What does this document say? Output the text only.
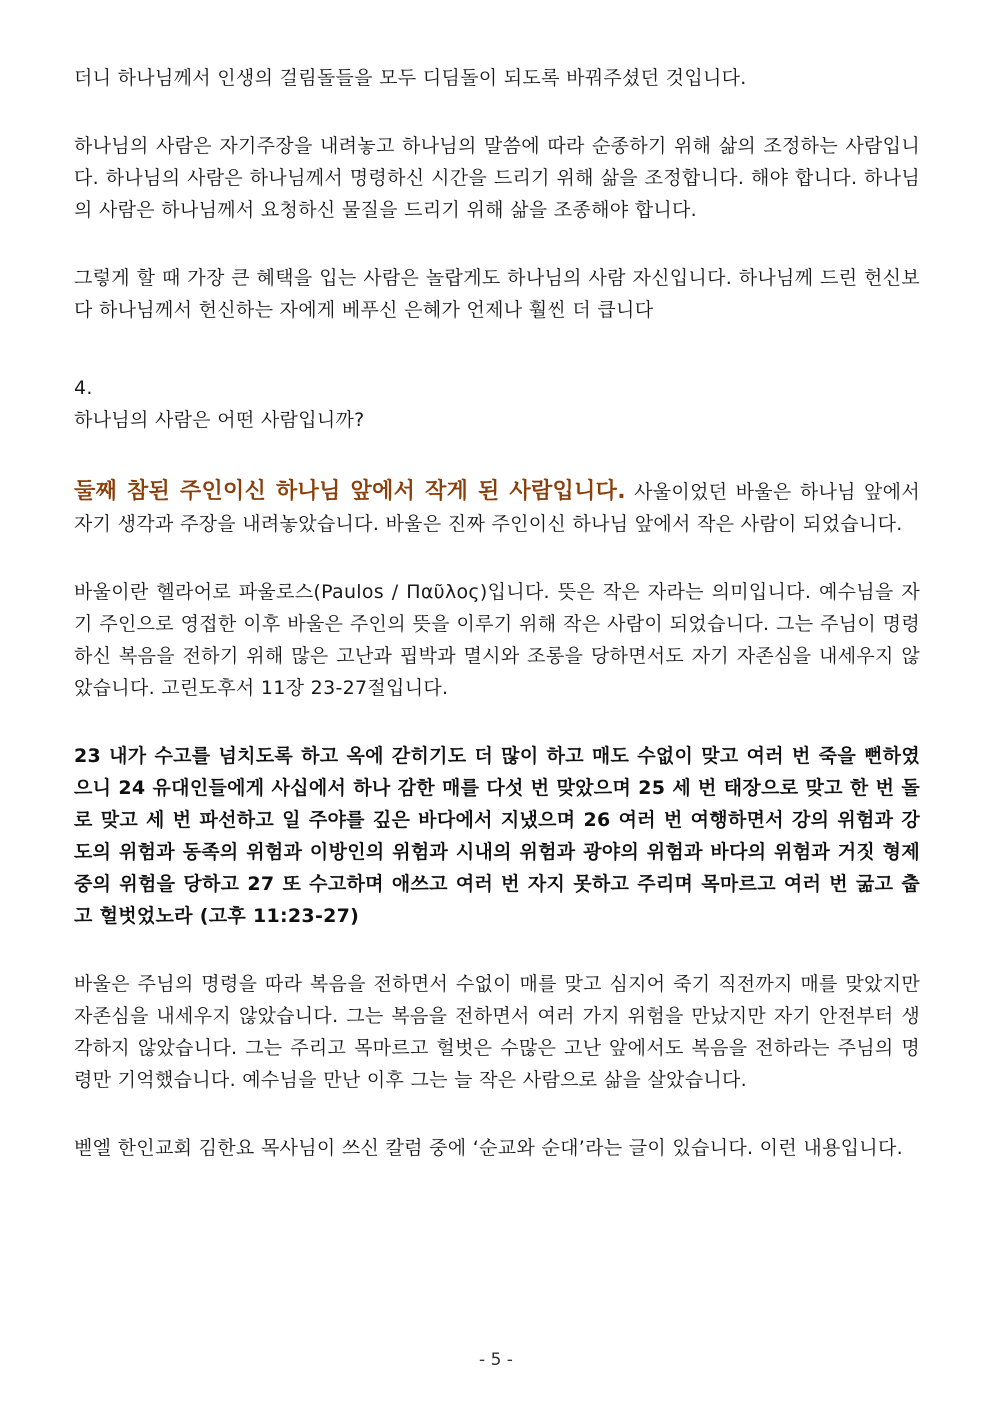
더니 하나님께서 인생의 걸림돌들을 모두 디딤돌이 되도록 바꿔주셨던 것입니다.

하나님의 사람은 자기주장을 내려놓고 하나님의 말씀에 따라 순종하기 위해 삶의 조정하는 사람입니다. 하나님의 사람은 하나님께서 명령하신 시간을 드리기 위해 삶을 조정합니다. 해야 합니다. 하나님의 사람은 하나님께서 요청하신 물질을 드리기 위해 삶을 조종해야 합니다.

그렇게 할 때 가장 큰 혜택을 입는 사람은 놀랍게도 하나님의 사람 자신입니다. 하나님께 드린 헌신보다 하나님께서 헌신하는 자에게 베푸신 은혜가 언제나 훨씬 더 큽니다

4.

하나님의 사람은 어떤 사람입니까?

둘째 참된 주인이신 하나님 앞에서 작게 된 사람입니다. 사울이었던 바울은 하나님 앞에서 자기 생각과 주장을 내려놓았습니다. 바울은 진짜 주인이신 하나님 앞에서 작은 사람이 되었습니다.

바울이란 헬라어로 파울로스(Paulos / Παῦλος)입니다. 뜻은 작은 자라는 의미입니다. 예수님을 자기 주인으로 영접한 이후 바울은 주인의 뜻을 이루기 위해 작은 사람이 되었습니다. 그는 주님이 명령하신 복음을 전하기 위해 많은 고난과 핍박과 멸시와 조롱을 당하면서도 자기 자존심을 내세우지 않았습니다. 고린도후서 11장 23-27절입니다.

23 내가 수고를 넘치도록 하고 옥에 갇히기도 더 많이 하고 매도 수없이 맞고 여러 번 죽을 뻔하였으니 24 유대인들에게 사십에서 하나 감한 매를 다섯 번 맞았으며 25 세 번 태장으로 맞고 한 번 돌로 맞고 세 번 파선하고 일 주야를 깊은 바다에서 지냈으며 26 여러 번 여행하면서 강의 위험과 강도의 위험과 동족의 위험과 이방인의 위험과 시내의 위험과 광야의 위험과 바다의 위험과 거짓 형제 중의 위험을 당하고 27 또 수고하며 애쓰고 여러 번 자지 못하고 주리며 목마르고 여러 번 굶고 춥고 헐벗었노라 (고후 11:23-27)

바울은 주님의 명령을 따라 복음을 전하면서 수없이 매를 맞고 심지어 죽기 직전까지 매를 맞았지만 자존심을 내세우지 않았습니다. 그는 복음을 전하면서 여러 가지 위험을 만났지만 자기 안전부터 생각하지 않았습니다. 그는 주리고 목마르고 헐벗은 수많은 고난 앞에서도 복음을 전하라는 주님의 명령만 기억했습니다. 예수님을 만난 이후 그는 늘 작은 사람으로 삶을 살았습니다.

벧엘 한인교회 김한요 목사님이 쓰신 칼럼 중에 ‘순교와 순대’라는 글이 있습니다. 이런 내용입니다.

- 5 -
